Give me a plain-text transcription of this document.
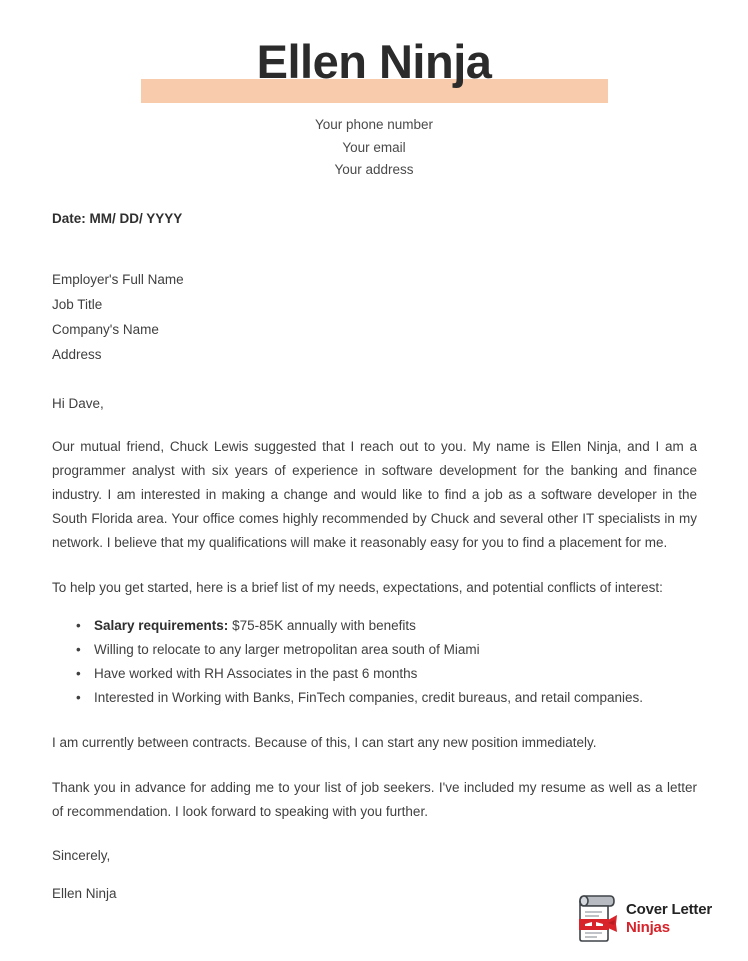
Ellen Ninja
Your phone number
Your email
Your address
Date: MM/ DD/ YYYY
Employer's Full Name
Job Title
Company's Name
Address
Hi Dave,

Our mutual friend, Chuck Lewis suggested that I reach out to you. My name is Ellen Ninja, and I am a programmer analyst with six years of experience in software development for the banking and finance industry. I am interested in making a change and would like to find a job as a software developer in the South Florida area. Your office comes highly recommended by Chuck and several other IT specialists in my network. I believe that my qualifications will make it reasonably easy for you to find a placement for me.

To help you get started, here is a brief list of my needs, expectations, and potential conflicts of interest:

• Salary requirements: $75-85K annually with benefits
• Willing to relocate to any larger metropolitan area south of Miami
• Have worked with RH Associates in the past 6 months
• Interested in Working with Banks, FinTech companies, credit bureaus, and retail companies.

I am currently between contracts. Because of this, I can start any new position immediately.

Thank you in advance for adding me to your list of job seekers. I've included my resume as well as a letter of recommendation. I look forward to speaking with you further.

Sincerely,
Ellen Ninja
Cover Letter
Ninjas
